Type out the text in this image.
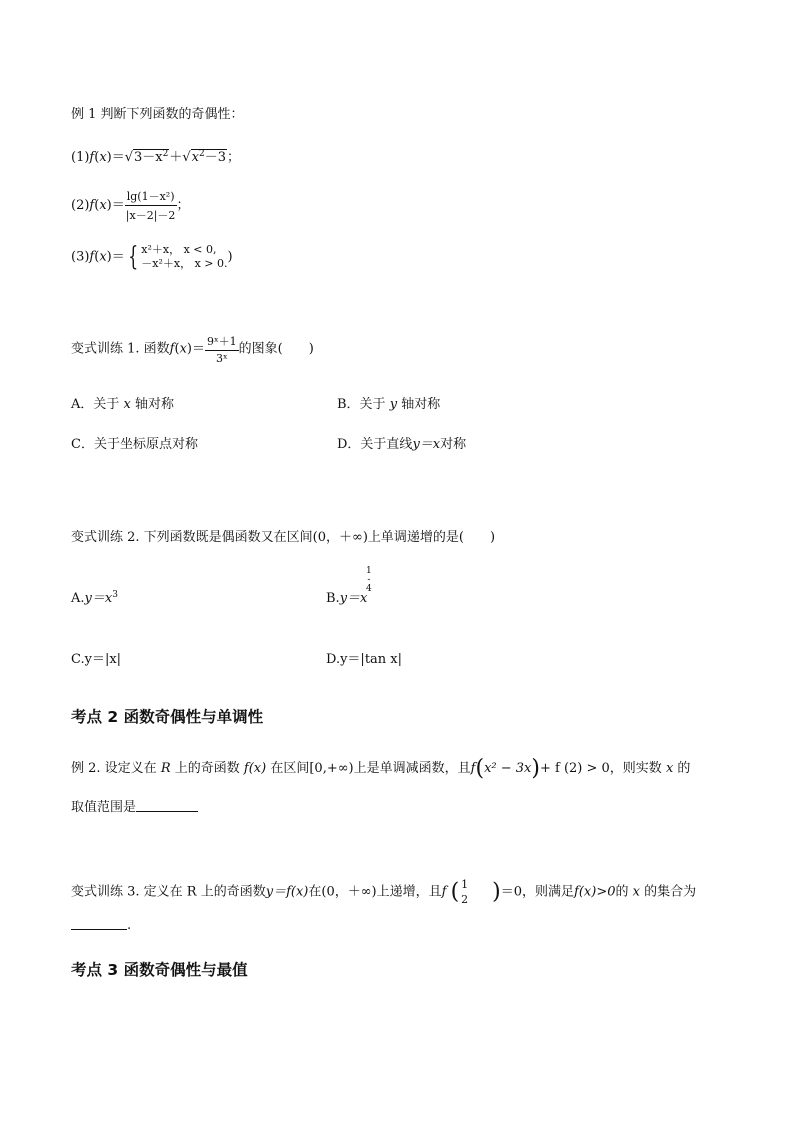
例 1 判断下列函数的奇偶性：
$(1)f(x)=√3-x^2+√x^2-3$；
$(2)f(x)= \frac{\text{lg(1－x²)}}{|x-2|-2}$ ；
(3)f(x)＝ { x²＋x， x < 0,
－x²＋x， x > 0. )
变式训练 1. 函数$f(x)= \frac{\text{9ˣ＋1}}{\text{3ˣ}}$ 的图象(　　)
A．关于 x 轴对称	B．关于 y 轴对称
C．关于坐标原点对称	D．关于直线y＝x对称
变式训练 2. 下列函数既是偶函数又在区间(0，＋∞)上单调递增的是(　　)
$A.y=x^3$	B.y＝x
1
-
4
C.y＝|x|	D.y＝|tan x|
考点 2 函数奇偶性与单调性
例 2. 设定义在 R 上的奇函数 f(x) 在区间[0,+∞)上是单调减函数，且f(x² − 3x)+ f (2) > 0，则实数 x 的
取值范围是
变式训练 3. 定义在 R 上的奇函数y＝f(x)在(0，＋∞)上递增，且f ( 1
2 )＝0，则满足f(x)>0的 x 的集合为
.
考点 3 函数奇偶性与最值
